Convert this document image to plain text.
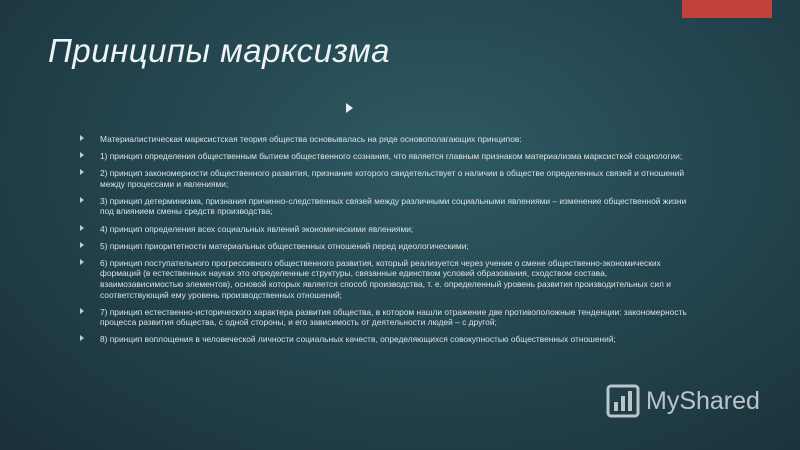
Принципы марксизма
Материалистическая марксистская теория общества основывалась на ряде основополагающих принципов:
1) принцип определения общественным бытием общественного сознания, что является главным признаком материализма марксисткой социологии;
2) принцип закономерности общественного развития, признание которого свидетельствует о наличии в обществе определенных связей и отношений между процессами и явлениями;
3) принцип детерминизма, признания причинно-следственных связей между различными социальными явлениями – изменение общественной жизни под влиянием смены средств производства;
4) принцип определения всех социальных явлений экономическими явлениями;
5) принцип приоритетности материальных общественных отношений перед идеологическими;
6) принцип поступательного прогрессивного общественного развития, который реализуется через учение о смене общественно-экономических формаций (в естественных науках это определенные структуры, связанные единством условий образования, сходством состава, взаимозависимостью элементов), основой которых является способ производства, т. е. определенный уровень развития производительных сил и соответствующий ему уровень производственных отношений;
7) принцип естественно-исторического характера развития общества, в котором нашли отражение две противоположные тенденции: закономерность процесса развития общества, с одной стороны, и его зависимость от деятельности людей – с другой;
8) принцип воплощения в человеческой личности социальных качеств, определяющихся совокупностью общественных отношений;
MyShared
